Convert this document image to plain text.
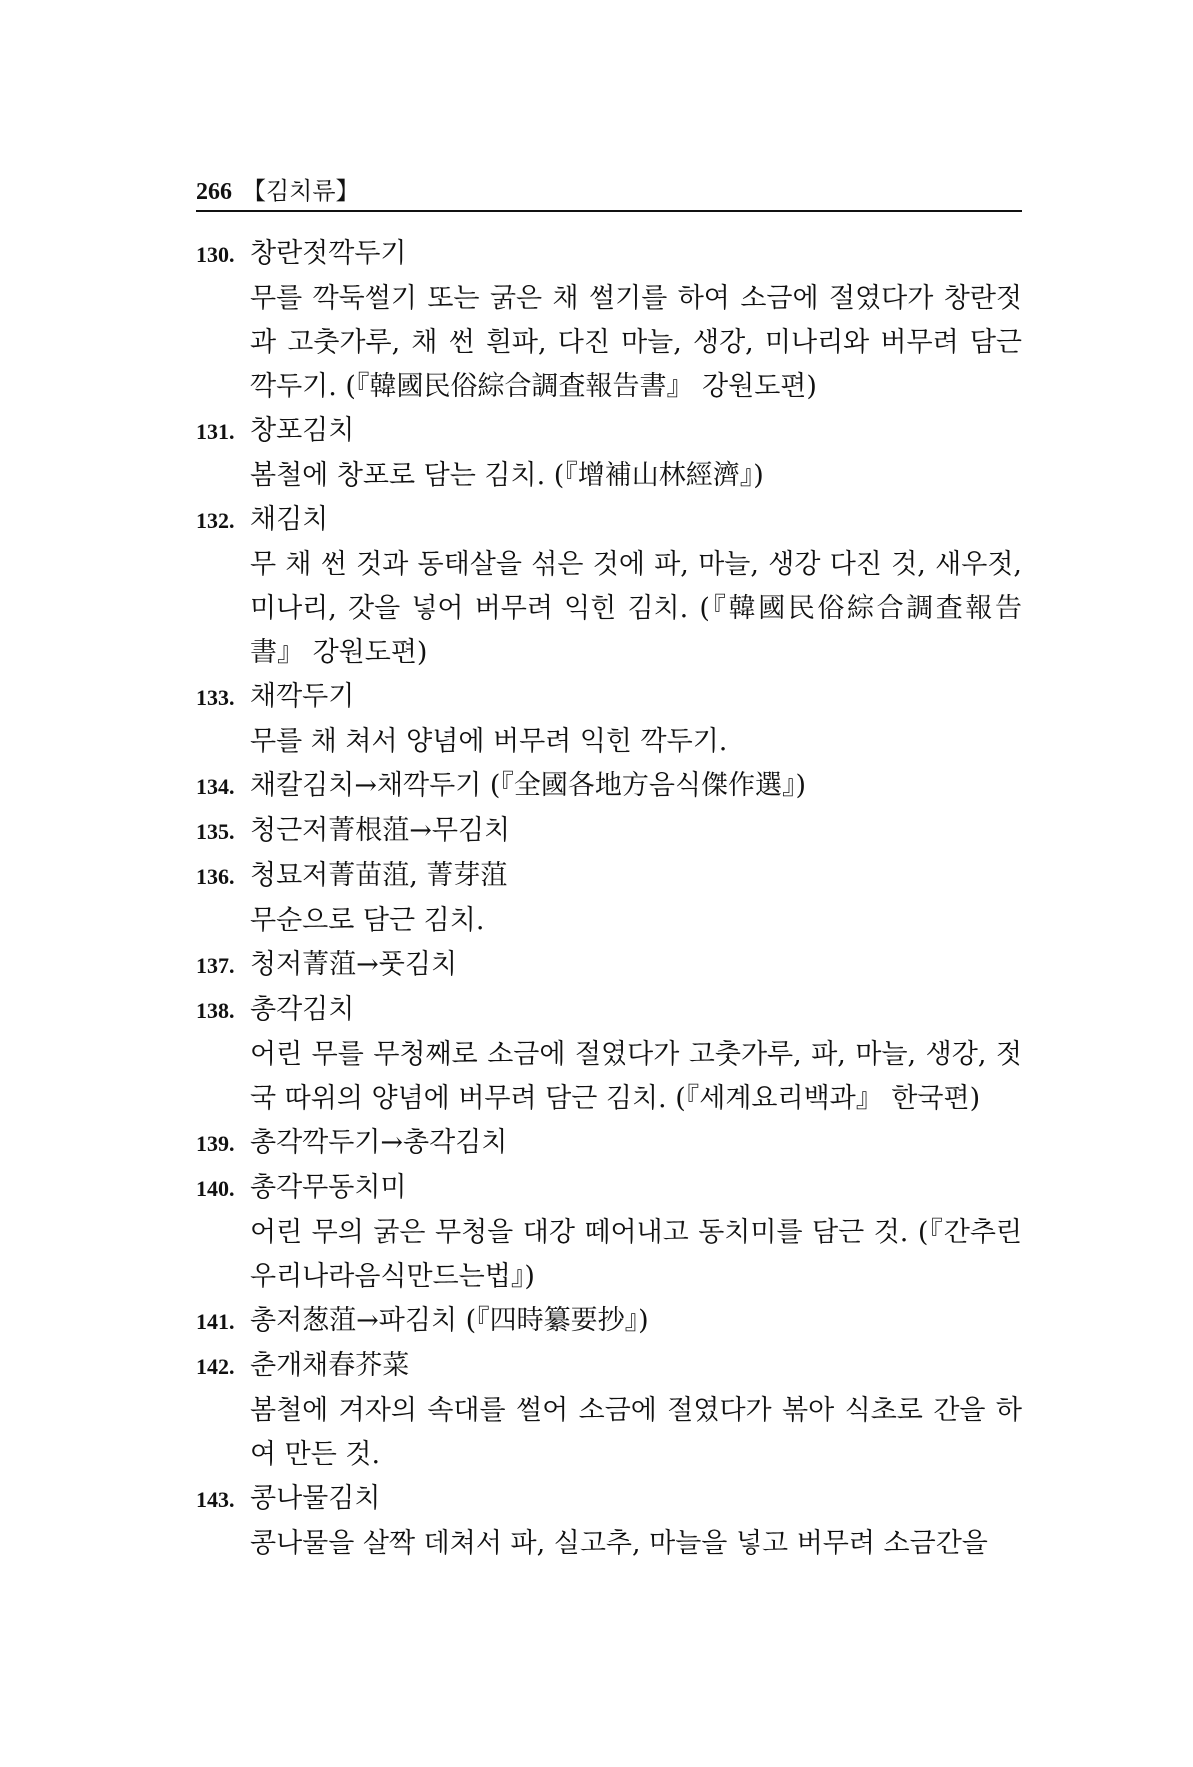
266 【김치류】
130. 창란젓깍두기
무를 깍둑썰기 또는 굵은 채 썰기를 하여 소금에 절였다가 창란젓과 고춧가루, 채 썬 흰파, 다진 마늘, 생강, 미나리와 버무려 담근 깍두기. (『韓國民俗綜合調査報告書』 강원도편)
131. 창포김치
봄철에 창포로 담는 김치. (『增補山林經濟』)
132. 채김치
무 채 썬 것과 동태살을 섞은 것에 파, 마늘, 생강 다진 것, 새우젓, 미나리, 갓을 넣어 버무려 익힌 김치. (『韓國民俗綜合調査報告書』 강원도편)
133. 채깍두기
무를 채 쳐서 양념에 버무려 익힌 깍두기.
134. 채칼김치→채깍두기 (『全國各地方음식傑作選』)
135. 청근저菁根菹→무김치
136. 청묘저菁苗菹, 菁芽菹
무순으로 담근 김치.
137. 청저菁菹→풋김치
138. 총각김치
어린 무를 무청째로 소금에 절였다가 고춧가루, 파, 마늘, 생강, 젓국 따위의 양념에 버무려 담근 김치. (『세계요리백과』 한국편)
139. 총각깍두기→총각김치
140. 총각무동치미
어린 무의 굵은 무청을 대강 떼어내고 동치미를 담근 것. (『간추린우리나라음식만드는법』)
141. 총저葱菹→파김치 (『四時纂要抄』)
142. 춘개채春芥菜
봄철에 겨자의 속대를 썰어 소금에 절였다가 볶아 식초로 간을 하여 만든 것.
143. 콩나물김치
콩나물을 살짝 데쳐서 파, 실고추, 마늘을 넣고 버무려 소금간을
